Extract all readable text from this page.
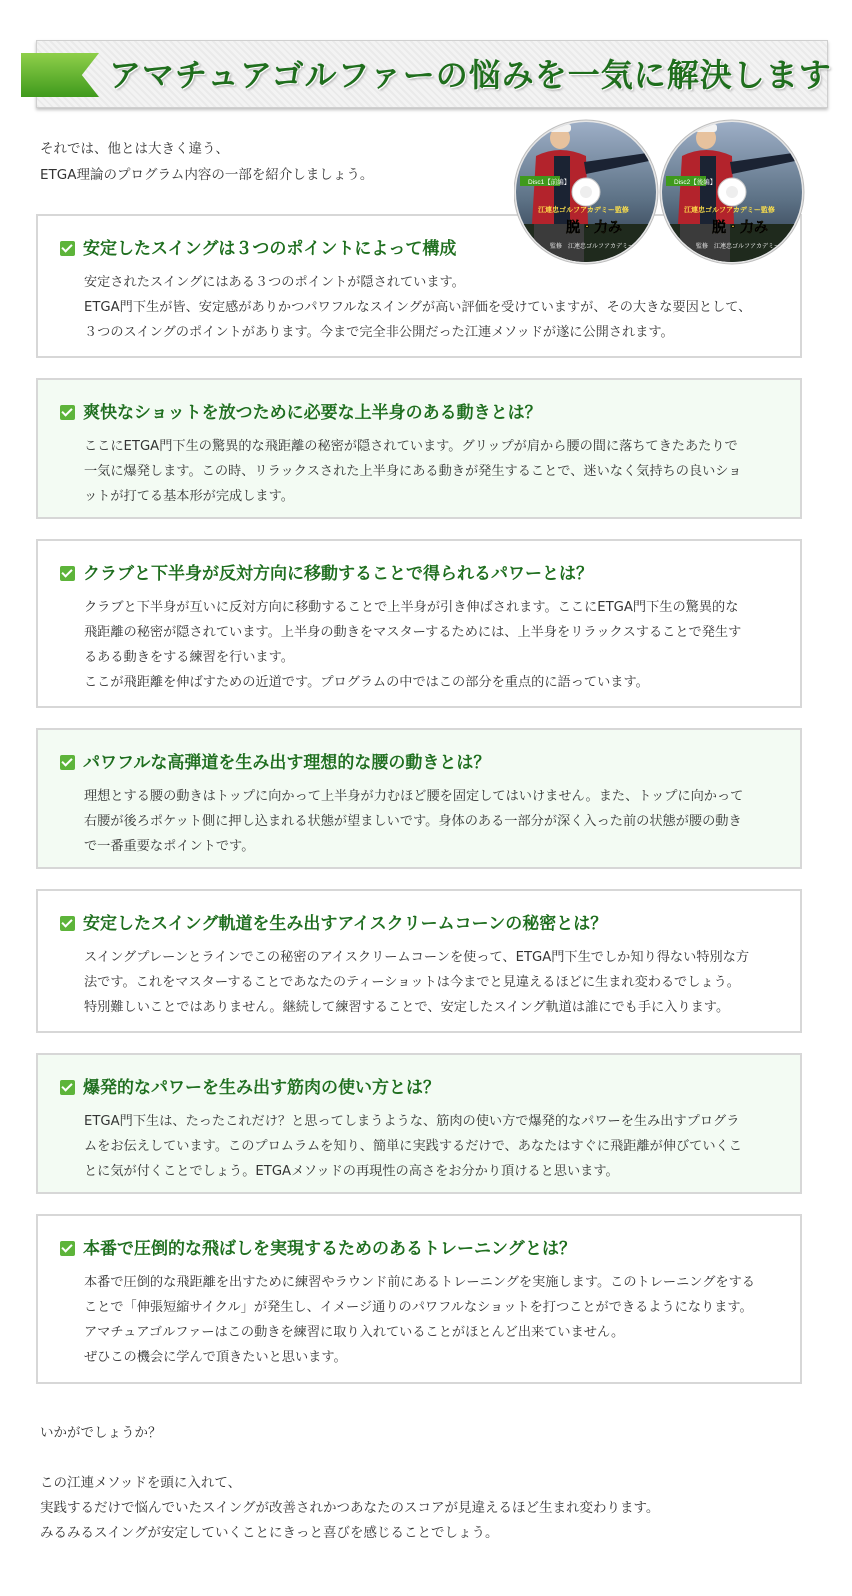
アマチュアゴルファーの悩みを一気に解決します
それでは、他とは大きく違う、
ETGA理論のプログラム内容の一部を紹介しましょう。
安定したスイングは３つのポイントによって構成

安定されたスイングにはある３つのポイントが隠されています。

ETGA門下生が皆、安定感がありかつパワフルなスイングが高い評価を受けていますが、その大きな要因として、

３つのスイングのポイントがあります。今まで完全非公開だった江連メソッドが遂に公開されます。

爽快なショットを放つために必要な上半身のある動きとは？

ここにETGA門下生の驚異的な飛距離の秘密が隠されています。グリップが肩から腰の間に落ちてきたあたりで

一気に爆発します。この時、リラックスされた上半身にある動きが発生することで、迷いなく気持ちの良いショ

ットが打てる基本形が完成します。

クラブと下半身が反対方向に移動することで得られるパワーとは？

クラブと下半身が互いに反対方向に移動することで上半身が引き伸ばされます。ここにETGA門下生の驚異的な

飛距離の秘密が隠されています。上半身の動きをマスターするためには、上半身をリラックスすることで発生す

るある動きをする練習を行います。

ここが飛距離を伸ばすための近道です。プログラムの中ではこの部分を重点的に語っています。

パワフルな高弾道を生み出す理想的な腰の動きとは？

理想とする腰の動きはトップに向かって上半身が力むほど腰を固定してはいけません。また、トップに向かって

右腰が後ろポケット側に押し込まれる状態が望ましいです。身体のある一部分が深く入った前の状態が腰の動き

で一番重要なポイントです。

安定したスイング軌道を生み出すアイスクリームコーンの秘密とは？

スイングプレーンとラインでこの秘密のアイスクリームコーンを使って、ETGA門下生でしか知り得ない特別な方

法です。これをマスターすることであなたのティーショットは今までと見違えるほどに生まれ変わるでしょう。

特別難しいことではありません。継続して練習することで、安定したスイング軌道は誰にでも手に入ります。

爆発的なパワーを生み出す筋肉の使い方とは？

ETGA門下生は、たったこれだけ？と思ってしまうような、筋肉の使い方で爆発的なパワーを生み出すプログラ

ムをお伝えしています。このプロムラムを知り、簡単に実践するだけで、あなたはすぐに飛距離が伸びていくこ

とに気が付くことでしょう。ETGAメソッドの再現性の高さをお分かり頂けると思います。

本番で圧倒的な飛ばしを実現するためのあるトレーニングとは？

本番で圧倒的な飛距離を出すために練習やラウンド前にあるトレーニングを実施します。このトレーニングをする

ことで「伸張短縮サイクル」が発生し、イメージ通りのパワフルなショットを打つことができるようになります。

アマチュアゴルファーはこの動きを練習に取り入れていることがほとんど出来ていません。

ぜひこの機会に学んで頂きたいと思います。

Disc1【前編】
江連忠ゴルフアカデミー監修
脱・力み
監修　江連忠ゴルフアカデミー
Disc2【後編】
江連忠ゴルフアカデミー監修
脱・力み
監修　江連忠ゴルフアカデミー

いかがでしょうか？

この江連メソッドを頭に入れて、

実践するだけで悩んでいたスイングが改善されかつあなたのスコアが見違えるほど生まれ変わります。

みるみるスイングが安定していくことにきっと喜びを感じることでしょう。
